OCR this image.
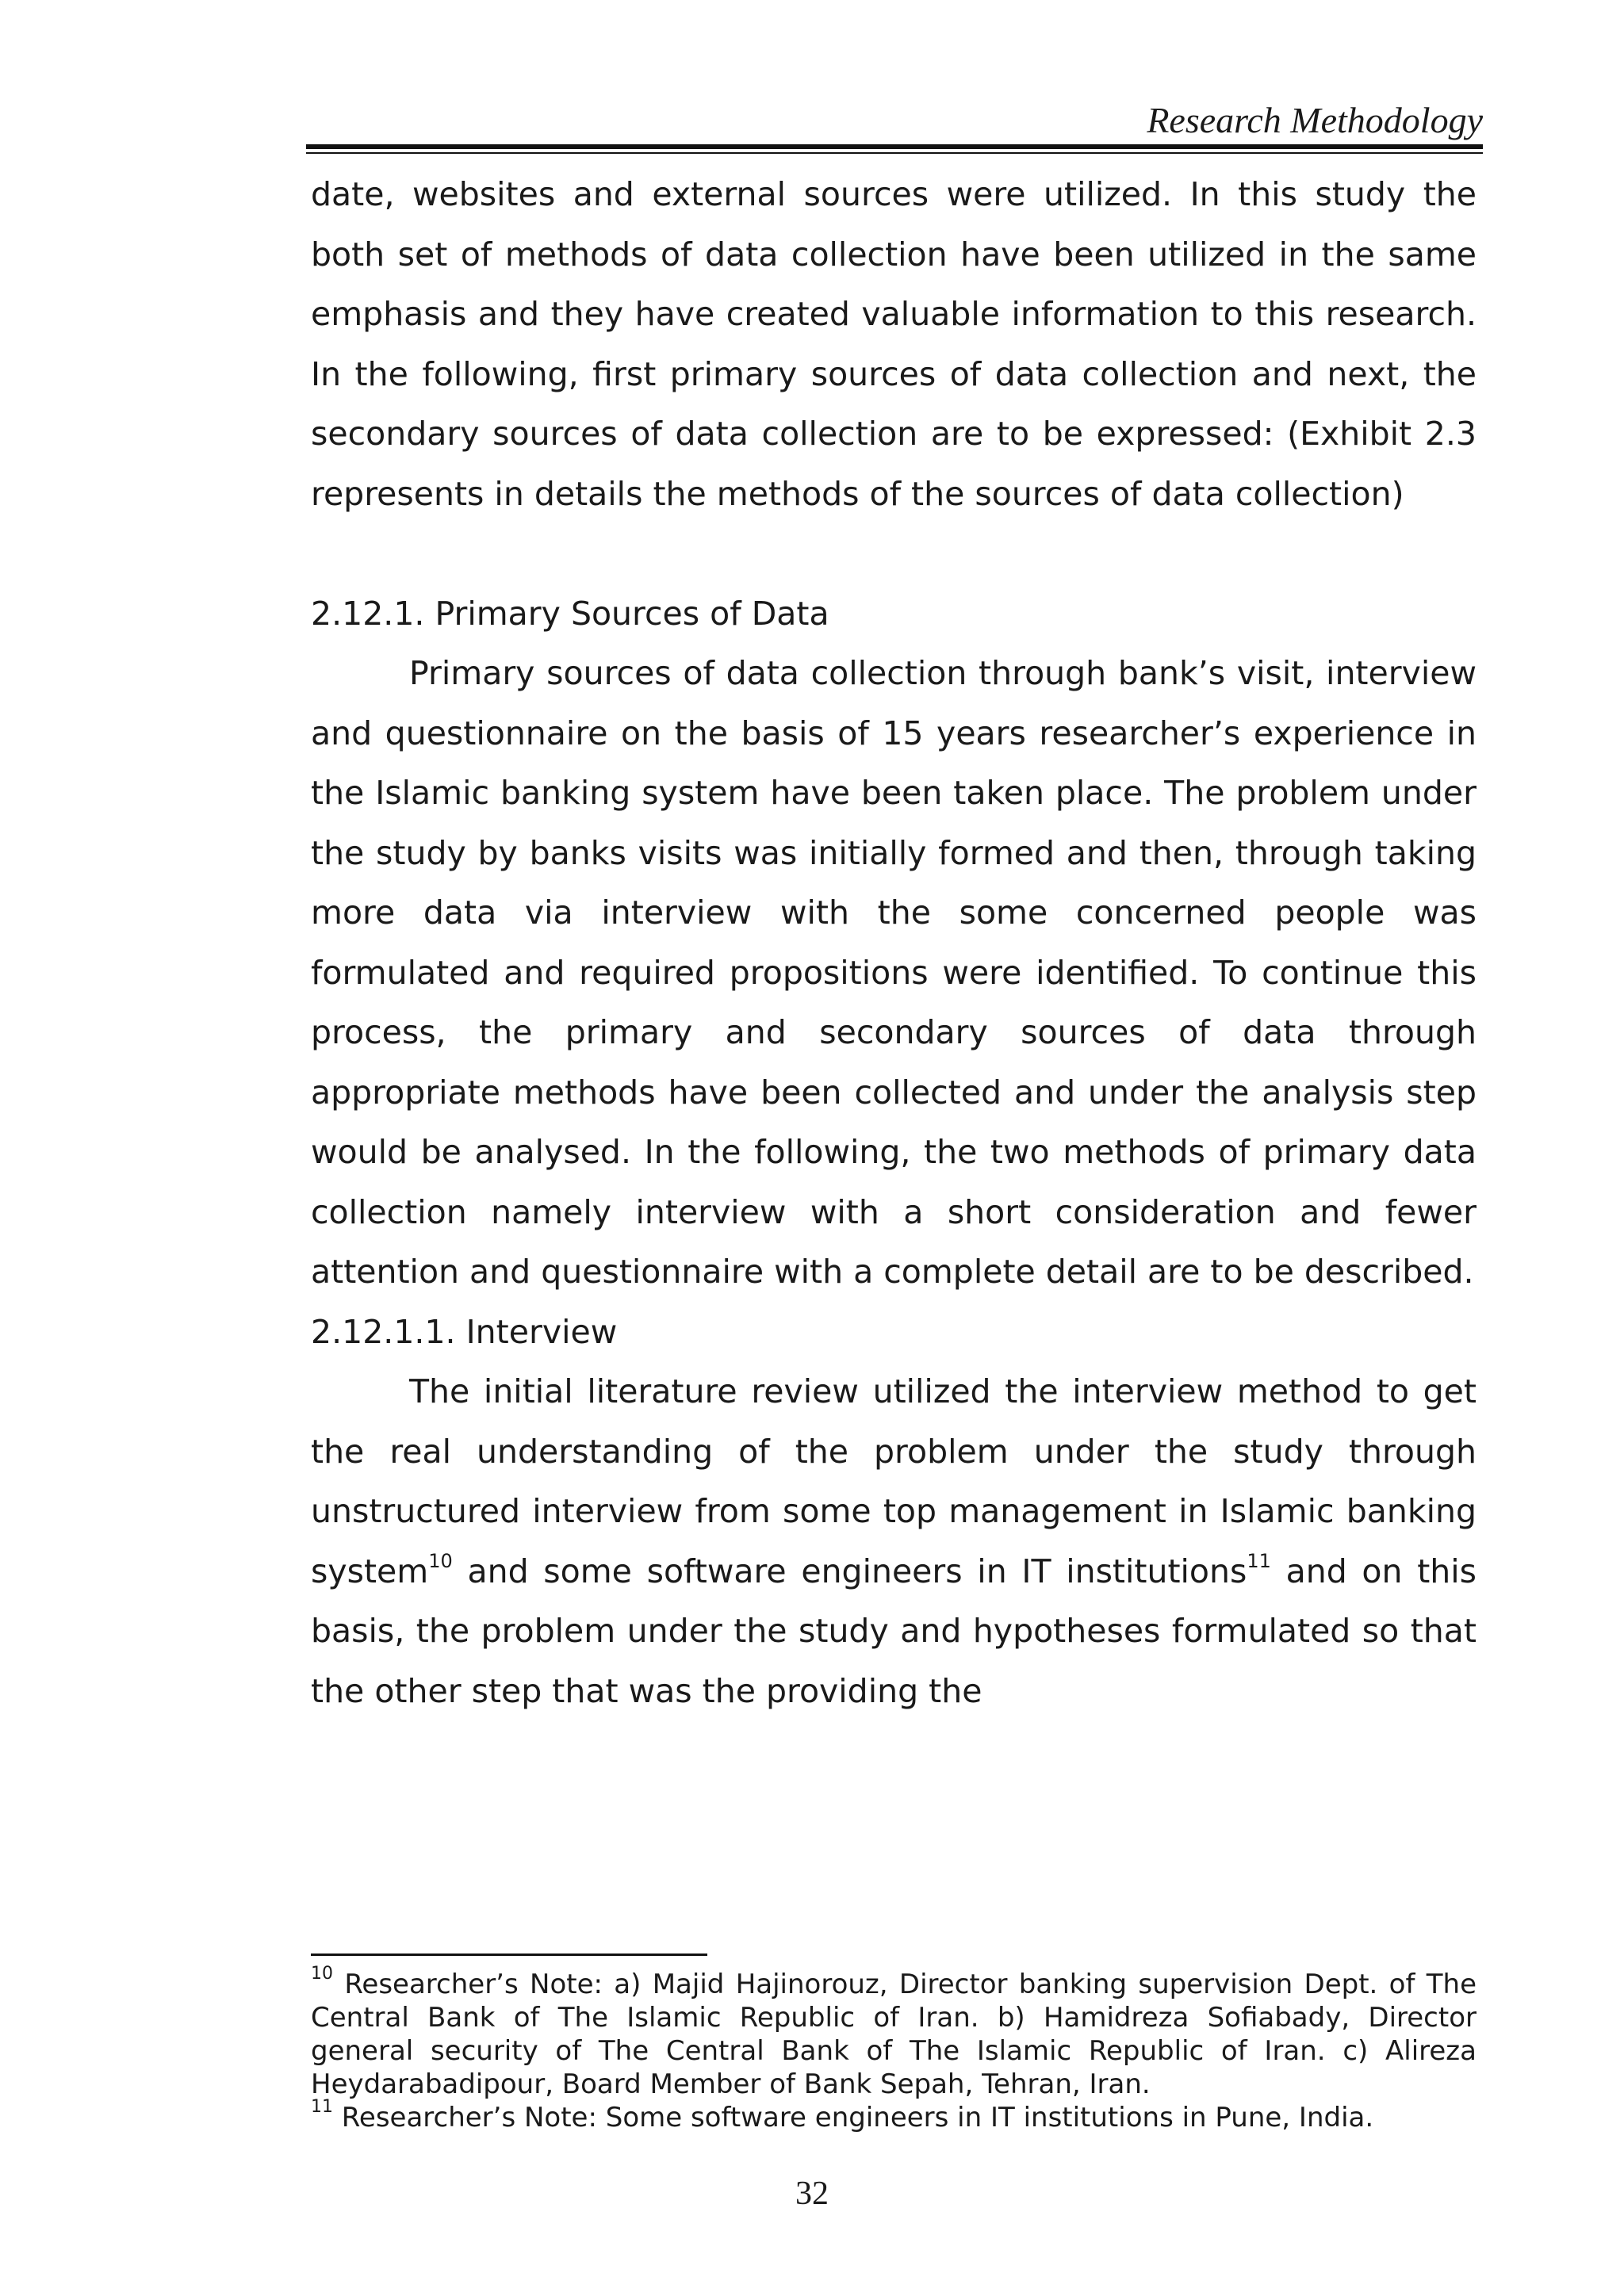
Research Methodology

date, websites and external sources were utilized. In this study the both set of methods of data collection have been utilized in the same emphasis and they have created valuable information to this research. In the following, first primary sources of data collection and next, the secondary sources of data collection are to be expressed: (Exhibit 2.3 represents in details the methods of the sources of data collection)

2.12.1. Primary Sources of Data

Primary sources of data collection through bank’s visit, interview and questionnaire on the basis of 15 years researcher’s experience in the Islamic banking system have been taken place. The problem under the study by banks visits was initially formed and then, through taking more data via interview with the some concerned people was formulated and required propositions were identified. To continue this process, the primary and secondary sources of data through appropriate methods have been collected and under the analysis step would be analysed. In the following, the two methods of primary data collection namely interview with a short consideration and fewer attention and questionnaire with a complete detail are to be described.

2.12.1.1. Interview

The initial literature review utilized the interview method to get the real understanding of the problem under the study through unstructured interview from some top management in Islamic banking system$^{10}$ and some software engineers in IT institutions$^{11}$ and on this basis, the problem under the study and hypotheses formulated so that the other step that was the providing the

$^{10}$ Researcher’s Note: a) Majid Hajinorouz, Director banking supervision Dept. of The Central Bank of The Islamic Republic of Iran. b) Hamidreza Sofiabady, Director general security of The Central Bank of The Islamic Republic of Iran. c) Alireza Heydarabadipour, Board Member of Bank Sepah, Tehran, Iran.

$^{11}$ Researcher’s Note: Some software engineers in IT institutions in Pune, India.

32
